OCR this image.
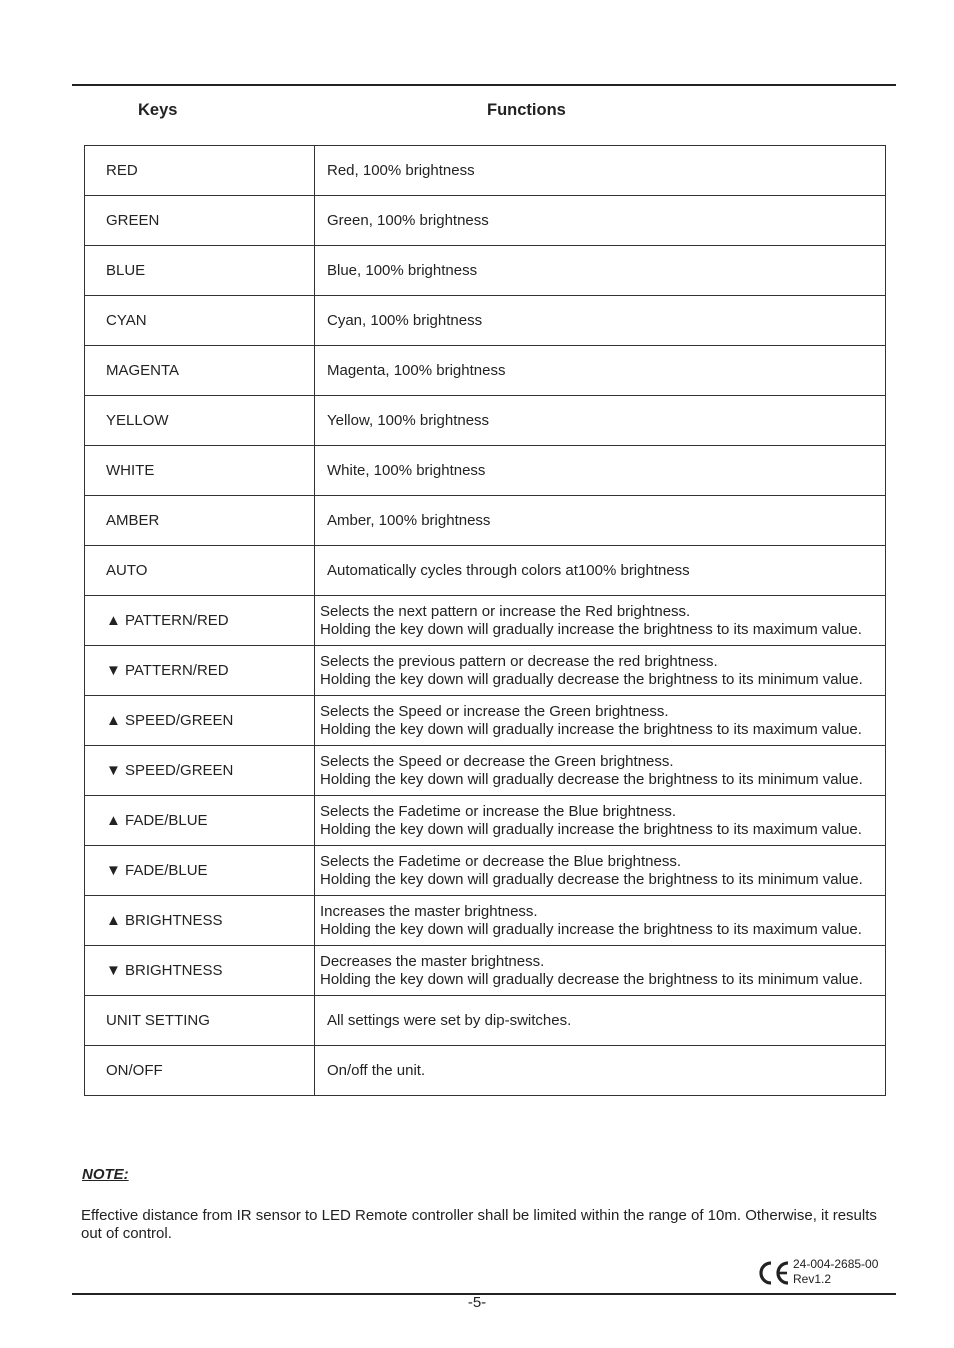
Keys	Functions
RED	Red, 100% brightness

GREEN	Green, 100% brightness

BLUE	Blue, 100% brightness

CYAN	Cyan, 100% brightness

MAGENTA	Magenta, 100% brightness

YELLOW	Yellow, 100% brightness

WHITE	White, 100% brightness

AMBER	Amber, 100% brightness

AUTO	Automatically cycles through colors at100% brightness

▲ PATTERN/RED	Selects the next pattern or increase the Red brightness.
Holding the key down will gradually increase the brightness to its maximum value.

▼ PATTERN/RED	Selects the previous pattern or decrease the red brightness.
Holding the key down will gradually decrease the brightness to its minimum value.

▲ SPEED/GREEN	Selects the Speed or increase the Green brightness.
Holding the key down will gradually increase the brightness to its maximum value.

▼ SPEED/GREEN	Selects the Speed or decrease the Green brightness.
Holding the key down will gradually decrease the brightness to its minimum value.

▲ FADE/BLUE	Selects the Fadetime or increase the Blue brightness.
Holding the key down will gradually increase the brightness to its maximum value.

▼ FADE/BLUE	Selects the Fadetime or decrease the Blue brightness.
Holding the key down will gradually decrease the brightness to its minimum value.

▲ BRIGHTNESS	Increases the master brightness.
Holding the key down will gradually increase the brightness to its maximum value.

▼ BRIGHTNESS	Decreases the master brightness.
Holding the key down will gradually decrease the brightness to its minimum value.

UNIT SETTING	All settings were set by dip-switches.

ON/OFF	On/off the unit.
NOTE:
Effective distance from IR sensor to LED Remote controller shall be limited within the range of 10m. Otherwise, it results out of control.
24-004-2685-00
Rev1.2
-5-
